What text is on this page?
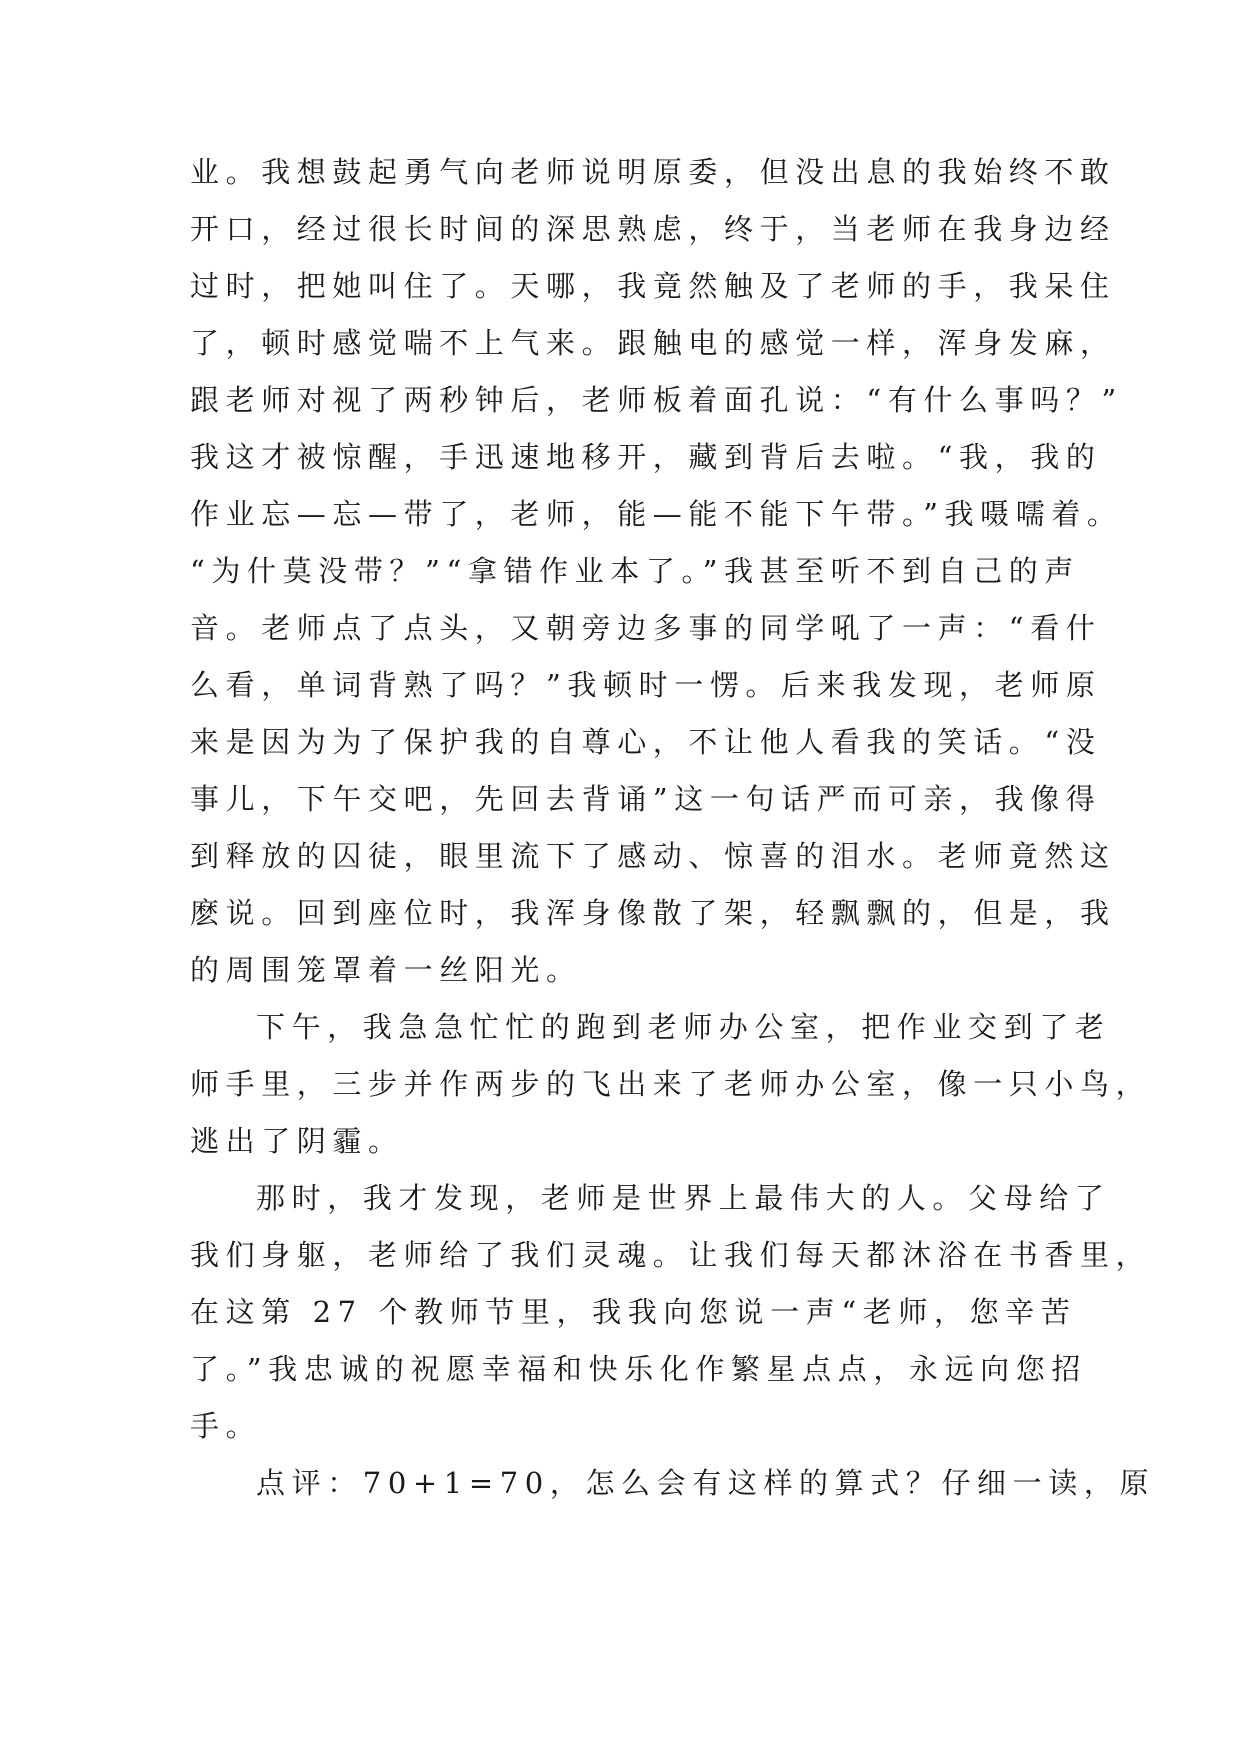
业。我想鼓起勇气向老师说明原委，但没出息的我始终不敢
开口，经过很长时间的深思熟虑，终于，当老师在我身边经
过时，把她叫住了。天哪，我竟然触及了老师的手，我呆住
了，顿时感觉喘不上气来。跟触电的感觉一样，浑身发麻，
跟老师对视了两秒钟后，老师板着面孔说：“有什么事吗？”
我这才被惊醒，手迅速地移开，藏到背后去啦。“我，我的
作业忘—忘—带了，老师，能—能不能下午带。”我嗫嚅着。
“为什莫没带？”“拿错作业本了。”我甚至听不到自己的声
音。老师点了点头，又朝旁边多事的同学吼了一声：“看什
么看，单词背熟了吗？”我顿时一愣。后来我发现，老师原
来是因为为了保护我的自尊心，不让他人看我的笑话。“没
事儿，下午交吧，先回去背诵”这一句话严而可亲，我像得
到释放的囚徒，眼里流下了感动、惊喜的泪水。老师竟然这
麽说。回到座位时，我浑身像散了架，轻飘飘的，但是，我
的周围笼罩着一丝阳光。
下午，我急急忙忙的跑到老师办公室，把作业交到了老
师手里，三步并作两步的飞出来了老师办公室，像一只小鸟，
逃出了阴霾。
那时，我才发现，老师是世界上最伟大的人。父母给了
我们身躯，老师给了我们灵魂。让我们每天都沐浴在书香里，
在这第 27 个教师节里，我我向您说一声“老师，您辛苦
了。”我忠诚的祝愿幸福和快乐化作繁星点点，永远向您招
手。
点评：70+1=70，怎么会有这样的算式？仔细一读，原
